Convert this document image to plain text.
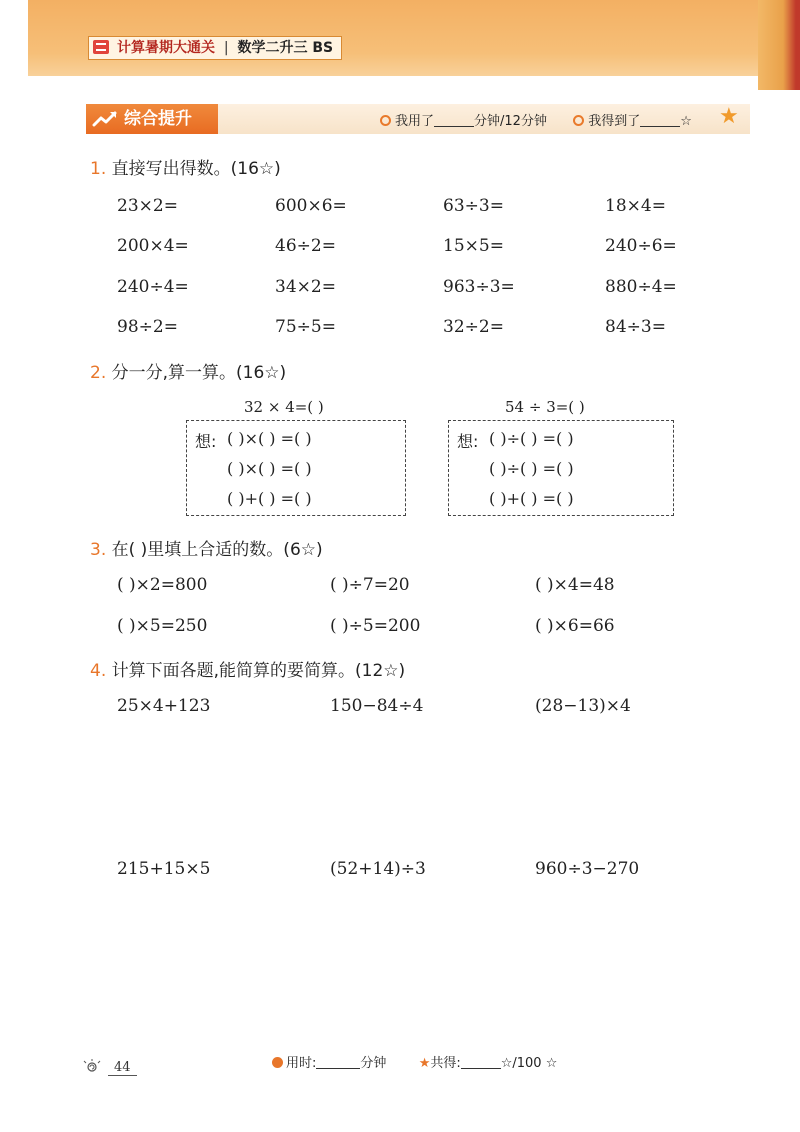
计算暑期大通关 | 数学二升三 BS
综合提升	我用了	分钟/12分钟	我得到了	☆ ★
1. 直接写出得数。(16☆)
23×2=	600×6=	63÷3=	18×4=
200×4=	46÷2=	15×5=	240÷6=
240÷4=	34×2=	963÷3=	880÷4=
98÷2=	75÷5=	32÷2=	84÷3=
2. 分一分,算一算。(16☆)
32 × 4=( )
想: ( )×( ) =( )
( )×( ) =( )
( )+( ) =( )
54 ÷ 3=( )
想: ( )÷( ) =( )
( )÷( ) =( )
( )+( ) =( )
3. 在( )里填上合适的数。(6☆)
( )×2=800	( )÷7=20	( )×4=48
( )×5=250	( )÷5=200	( )×6=66
4. 计算下面各题,能简算的要简算。(12☆)
25×4+123	150−84÷4	(28−13)×4
215+15×5	(52+14)÷3	960÷3−270
用时:	分钟 ★共得:	☆/100 ☆
44
